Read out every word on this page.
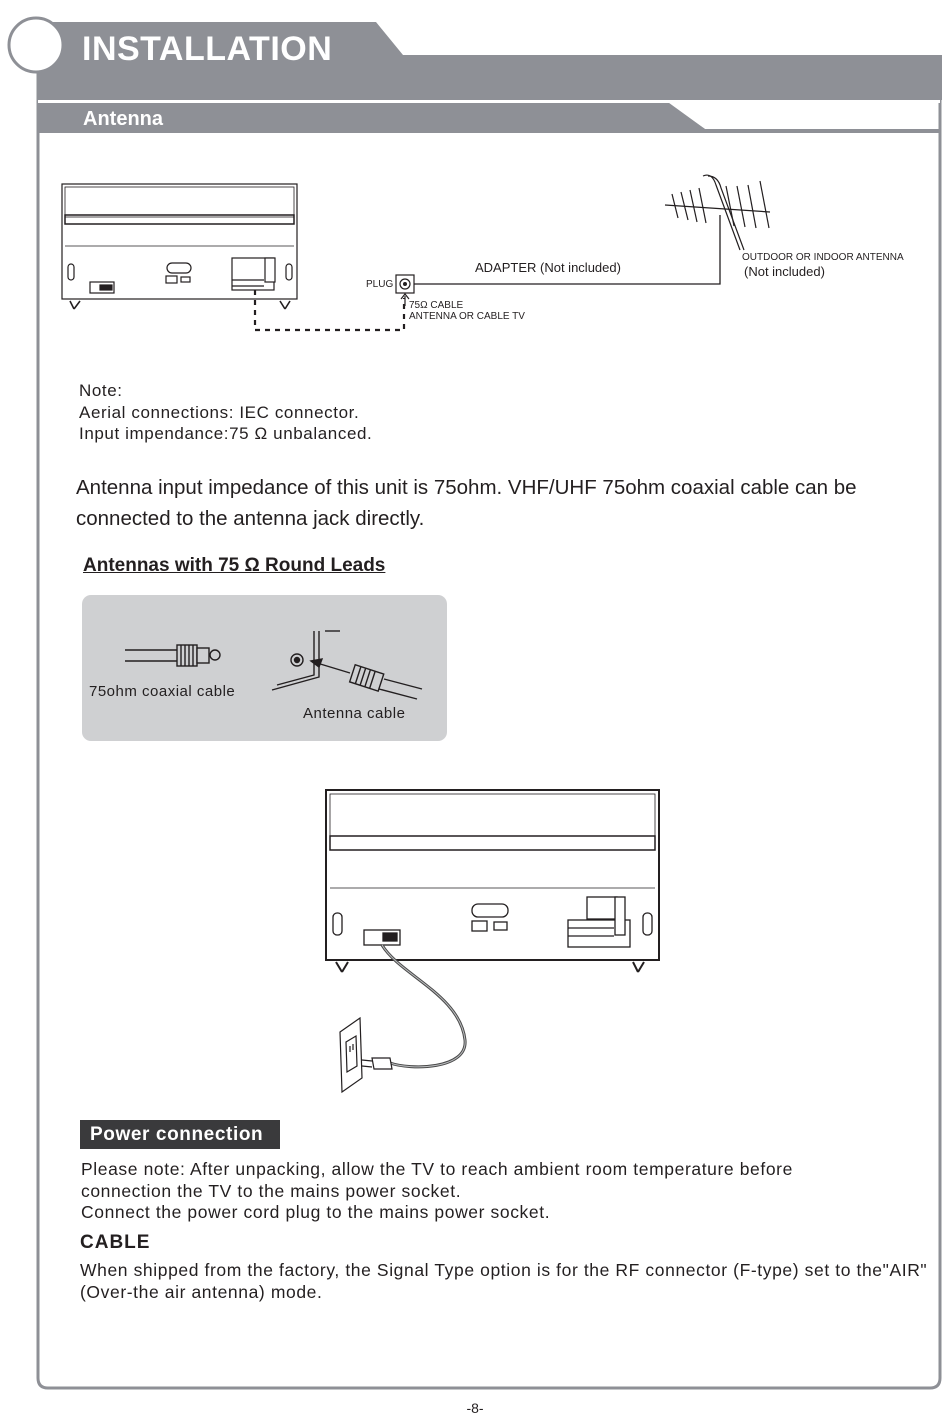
INSTALLATION
Antenna
ADAPTER (Not included)
OUTDOOR OR INDOOR ANTENNA
(Not included)
PLUG
75Ω CABLE
ANTENNA OR CABLE TV
Note:
Aerial connections: IEC connector.
Input impendance:75 Ω unbalanced.
Antenna input impedance of this unit is 75ohm. VHF/UHF 75ohm coaxial cable can be connected to the antenna jack directly.
Antennas with 75 Ω Round Leads
75ohm coaxial cable
Antenna cable
Power connection
Please note: After unpacking, allow the TV to reach ambient room temperature before
connection the TV to the mains power socket.
Connect the power cord plug to the mains power socket.
CABLE
When shipped from the factory, the Signal Type option is for the RF connector (F-type) set to the"AIR" (Over-the air antenna) mode.
-8-
